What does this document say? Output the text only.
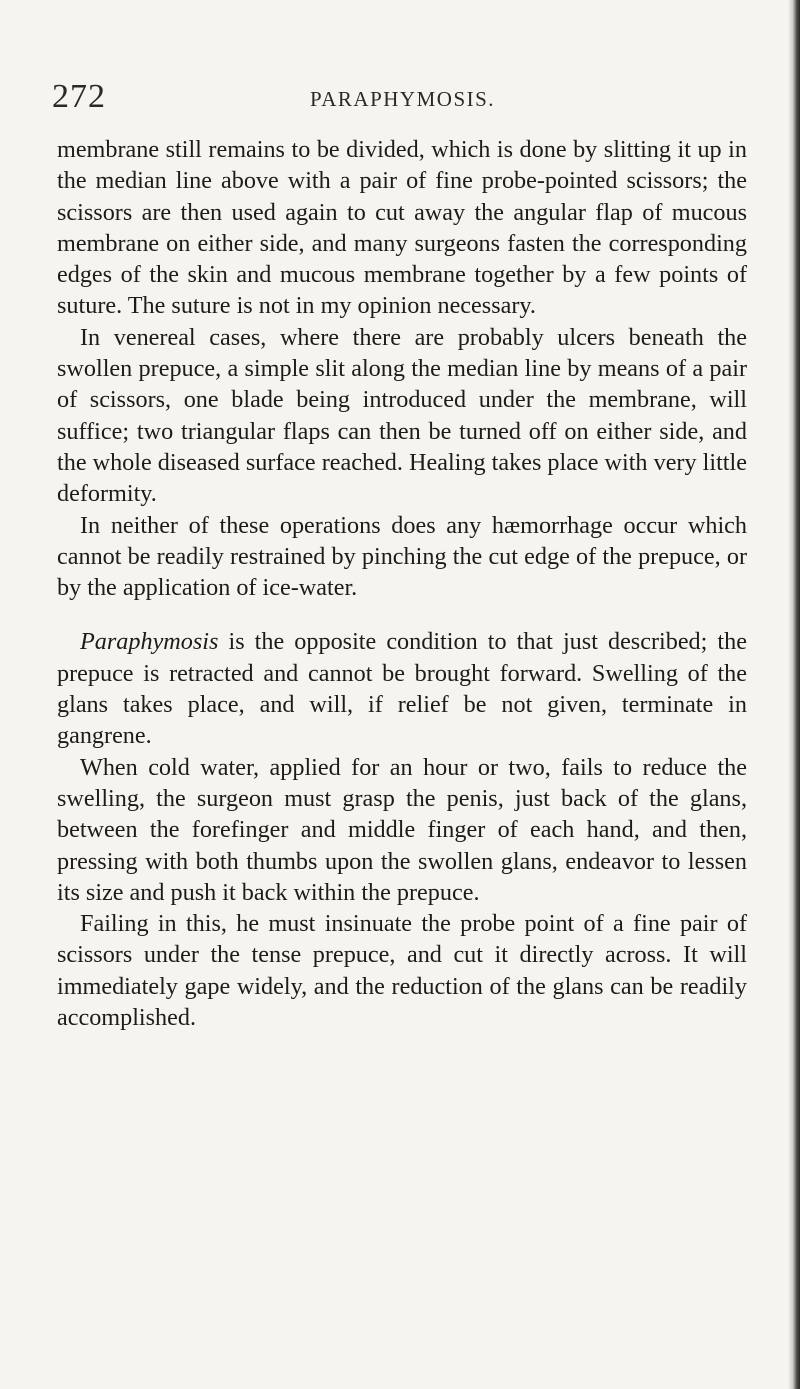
272	PARAPHYMOSIS.

membrane still remains to be divided, which is done by slitting it up in the median line above with a pair of fine probe-pointed scissors; the scissors are then used again to cut away the angular flap of mucous membrane on either side, and many surgeons fasten the corresponding edges of the skin and mucous membrane together by a few points of suture. The suture is not in my opinion necessary.

In venereal cases, where there are probably ulcers beneath the swollen prepuce, a simple slit along the median line by means of a pair of scissors, one blade being introduced under the membrane, will suffice; two triangular flaps can then be turned off on either side, and the whole diseased surface reached. Healing takes place with very little deformity.

In neither of these operations does any hæmorrhage occur which cannot be readily restrained by pinching the cut edge of the prepuce, or by the application of ice-water.

Paraphymosis is the opposite condition to that just described; the prepuce is retracted and cannot be brought forward. Swelling of the glans takes place, and will, if relief be not given, terminate in gangrene.

When cold water, applied for an hour or two, fails to reduce the swelling, the surgeon must grasp the penis, just back of the glans, between the forefinger and middle finger of each hand, and then, pressing with both thumbs upon the swollen glans, endeavor to lessen its size and push it back within the prepuce.

Failing in this, he must insinuate the probe point of a fine pair of scissors under the tense prepuce, and cut it directly across. It will immediately gape widely, and the reduction of the glans can be readily accomplished.
